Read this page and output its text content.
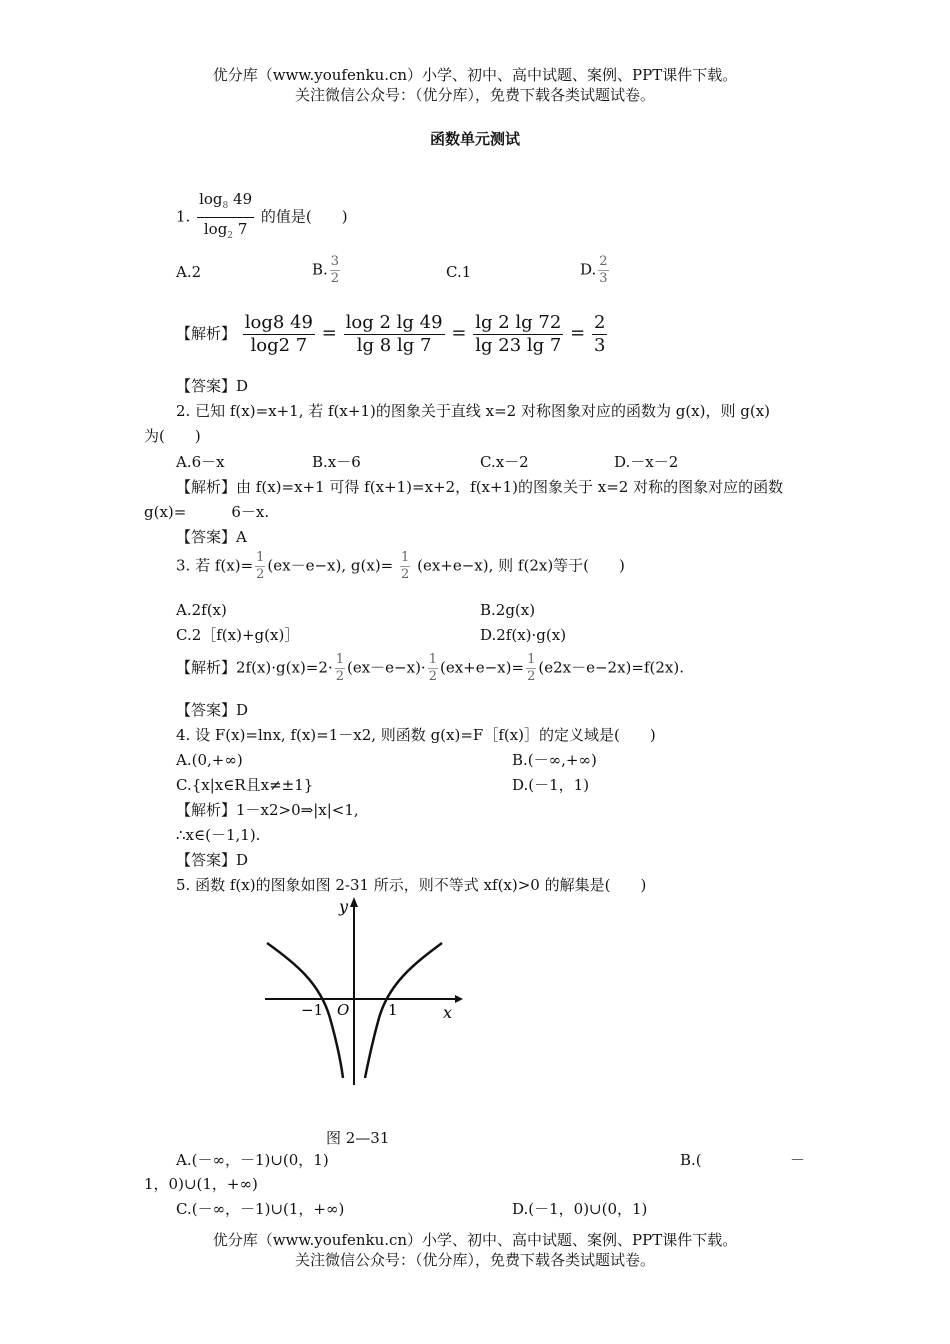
优分库（www.youfenku.cn）小学、初中、高中试题、案例、PPT课件下载。
关注微信公众号：（优分库），免费下载各类试题试卷。
函数单元测试
1. $\frac{\log_8 49}{\log_2 7}$ 的值是(　　)
A.2	B. $\frac{3}{2}$	C.1	D. $\frac{2}{3}$
【解析】 $\frac{\log 8 49}{\log 2 7} = \frac{\log 2 \lg 49}{\lg 8 \lg 7} = \frac{\lg 2 \lg 72}{\lg 23 \lg 7} = \frac{2}{3}$
【答案】D
2. 已知 f(x)=x+1, 若 f(x+1)的图象关于直线 x=2 对称图象对应的函数为 g(x)，则 g(x)
为(　　)
A.6－x	B.x－6	C.x－2	D.－x－2
【解析】由 f(x)=x+1 可得 f(x+1)=x+2，f(x+1)的图象关于 x=2 对称的图象对应的函数
g(x)=　　　6－x.
【答案】A
3. 若 $f(x)= \frac{1}{2} (ex-e-x)$, $g(x)= \frac{1}{2} (ex+e-x)$, 则 f(2x)等于(　　)
A.2f(x)	B.2g(x)
C.2［f(x)+g(x)］	D.2f(x)·g(x)
【解析】$2f(x)\cdot g(x)=2\cdot \frac{1}{2} (ex-e-x)\cdot \frac{1}{2} (ex+e-x)= \frac{1}{2} (e2x-e-2x)=f(2x)$.
【答案】D
4. 设 F(x)=lnx, f(x)=1－x2, 则函数 g(x)=F［f(x)］的定义域是(　　)
A.(0,+∞)	B.(－∞,+∞)
C.{x|x∈R且x≠±1}	D.(－1，1)
【解析】1－x2>0⇒|x|<1,
∴x∈(－1,1).
【答案】D
5. 函数 f(x)的图象如图 2-31 所示，则不等式 xf(x)>0 的解集是(　　)
y
x
O
−1	1
图 2—31
A.(－∞，－1)∪(0，1)	B.(	－
1，0)∪(1，+∞)
C.(－∞，－1)∪(1，+∞)	D.(－1，0)∪(0，1)
优分库（www.youfenku.cn）小学、初中、高中试题、案例、PPT课件下载。
关注微信公众号：（优分库），免费下载各类试题试卷。
